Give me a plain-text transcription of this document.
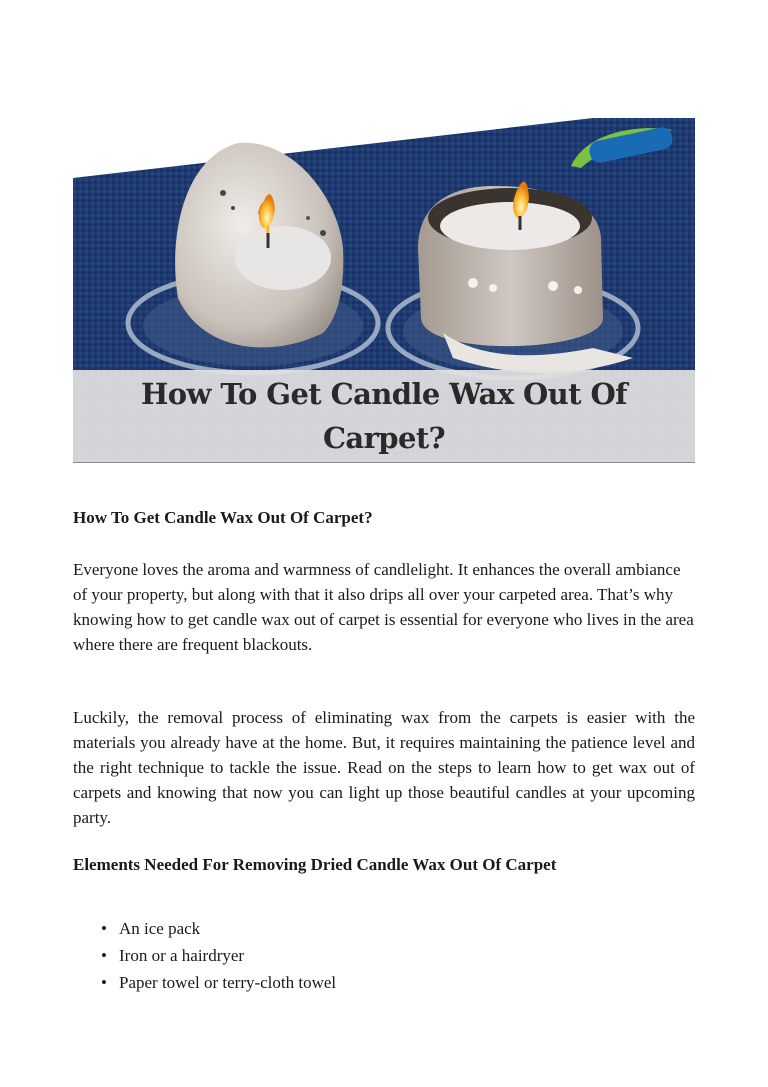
How To Get Candle Wax Out Of Carpet?
How To Get Candle Wax Out Of Carpet?

Everyone loves the aroma and warmness of candlelight. It enhances the overall ambiance of your property, but along with that it also drips all over your carpeted area. That’s why knowing how to get candle wax out of carpet is essential for everyone who lives in the area where there are frequent blackouts.

Luckily, the removal process of eliminating wax from the carpets is easier with the materials you already have at the home. But, it requires maintaining the patience level and the right technique to tackle the issue. Read on the steps to learn how to get wax out of carpets and knowing that now you can light up those beautiful candles at your upcoming party.

Elements Needed For Removing Dried Candle Wax Out Of Carpet
• An ice pack
• Iron or a hairdryer
• Paper towel or terry-cloth towel
